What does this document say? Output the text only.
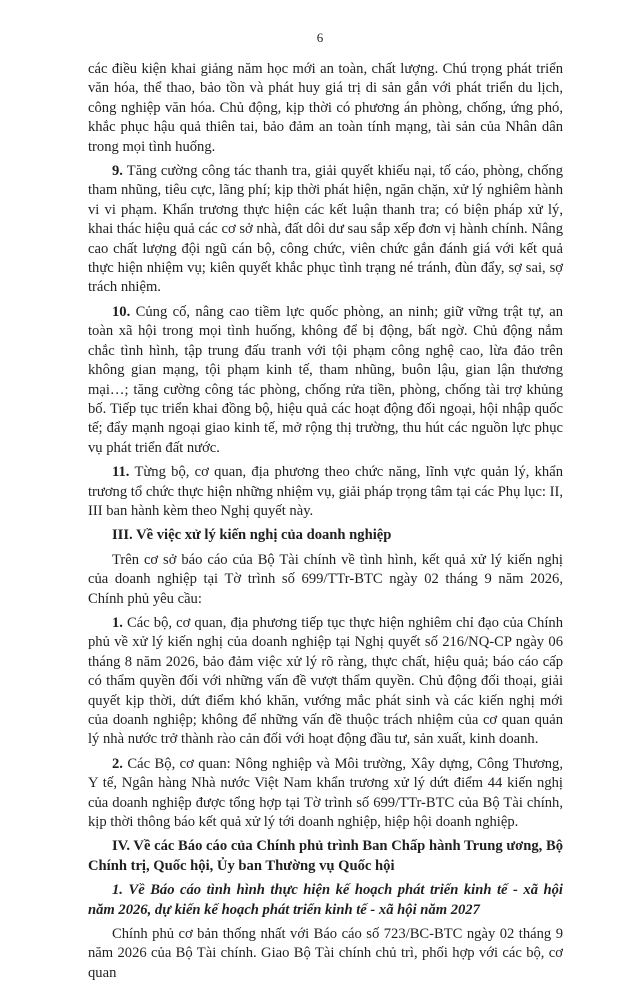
6

các điều kiện khai giảng năm học mới an toàn, chất lượng. Chú trọng phát triển văn hóa, thể thao, bảo tồn và phát huy giá trị di sản gắn với phát triển du lịch, công nghiệp văn hóa. Chủ động, kịp thời có phương án phòng, chống, ứng phó, khắc phục hậu quả thiên tai, bảo đảm an toàn tính mạng, tài sản của Nhân dân trong mọi tình huống.

9. Tăng cường công tác thanh tra, giải quyết khiếu nại, tố cáo, phòng, chống tham nhũng, tiêu cực, lãng phí; kịp thời phát hiện, ngăn chặn, xử lý nghiêm hành vi vi phạm. Khẩn trương thực hiện các kết luận thanh tra; có biện pháp xử lý, khai thác hiệu quả các cơ sở nhà, đất dôi dư sau sắp xếp đơn vị hành chính. Nâng cao chất lượng đội ngũ cán bộ, công chức, viên chức gắn đánh giá với kết quả thực hiện nhiệm vụ; kiên quyết khắc phục tình trạng né tránh, đùn đẩy, sợ sai, sợ trách nhiệm.

10. Củng cố, nâng cao tiềm lực quốc phòng, an ninh; giữ vững trật tự, an toàn xã hội trong mọi tình huống, không để bị động, bất ngờ. Chủ động nắm chắc tình hình, tập trung đấu tranh với tội phạm công nghệ cao, lừa đảo trên không gian mạng, tội phạm kinh tế, tham nhũng, buôn lậu, gian lận thương mại…; tăng cường công tác phòng, chống rửa tiền, phòng, chống tài trợ khủng bố. Tiếp tục triển khai đồng bộ, hiệu quả các hoạt động đối ngoại, hội nhập quốc tế; đẩy mạnh ngoại giao kinh tế, mở rộng thị trường, thu hút các nguồn lực phục vụ phát triển đất nước.

11. Từng bộ, cơ quan, địa phương theo chức năng, lĩnh vực quản lý, khẩn trương tổ chức thực hiện những nhiệm vụ, giải pháp trọng tâm tại các Phụ lục: II, III ban hành kèm theo Nghị quyết này.

III. Về việc xử lý kiến nghị của doanh nghiệp

Trên cơ sở báo cáo của Bộ Tài chính về tình hình, kết quả xử lý kiến nghị của doanh nghiệp tại Tờ trình số 699/TTr-BTC ngày 02 tháng 9 năm 2026, Chính phủ yêu cầu:

1. Các bộ, cơ quan, địa phương tiếp tục thực hiện nghiêm chỉ đạo của Chính phủ về xử lý kiến nghị của doanh nghiệp tại Nghị quyết số 216/NQ-CP ngày 06 tháng 8 năm 2026, bảo đảm việc xử lý rõ ràng, thực chất, hiệu quả; báo cáo cấp có thẩm quyền đối với những vấn đề vượt thẩm quyền. Chủ động đối thoại, giải quyết kịp thời, dứt điểm khó khăn, vướng mắc phát sinh và các kiến nghị mới của doanh nghiệp; không để những vấn đề thuộc trách nhiệm của cơ quan quản lý nhà nước trở thành rào cản đối với hoạt động đầu tư, sản xuất, kinh doanh.

2. Các Bộ, cơ quan: Nông nghiệp và Môi trường, Xây dựng, Công Thương, Y tế, Ngân hàng Nhà nước Việt Nam khẩn trương xử lý dứt điểm 44 kiến nghị của doanh nghiệp được tổng hợp tại Tờ trình số 699/TTr-BTC của Bộ Tài chính, kịp thời thông báo kết quả xử lý tới doanh nghiệp, hiệp hội doanh nghiệp.

IV. Về các Báo cáo của Chính phủ trình Ban Chấp hành Trung ương, Bộ Chính trị, Quốc hội, Ủy ban Thường vụ Quốc hội

1. Về Báo cáo tình hình thực hiện kế hoạch phát triển kinh tế - xã hội năm 2026, dự kiến kế hoạch phát triển kinh tế - xã hội năm 2027

Chính phủ cơ bản thống nhất với Báo cáo số 723/BC-BTC ngày 02 tháng 9 năm 2026 của Bộ Tài chính. Giao Bộ Tài chính chủ trì, phối hợp với các bộ, cơ quan
